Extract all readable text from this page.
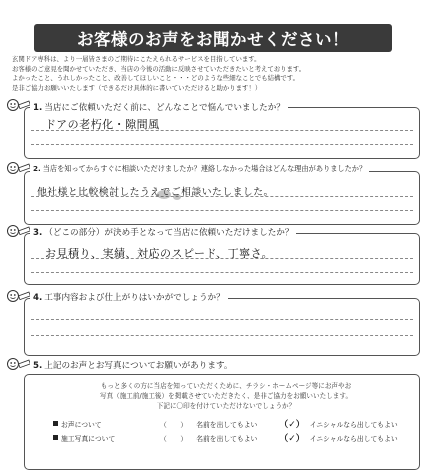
お客様のお声をお聞かせください！
玄関ドア専科は、より一層皆さまのご期待にこたえられるサービスを目指しています。
お客様のご意見を聞かせていただき、当店の今後の活動に反映させていただきたいと考えております。
よかったこと、うれしかったこと、改善してほしいこと・・・どのような些細なことでも結構です。
是非ご協力お願いいたします（できるだけ具体的に書いていただけると助かります！）
ドアの老朽化・隙間風
1. 当店にご依頼いただく前に、どんなことで悩んでいましたか？
他社様と比較検討したうえでご相談いたしました。
2. 当店を知ってからすぐに相談いただけましたか？連絡しなかった場合はどんな理由がありましたか？
お見積り、実績、対応のスピード、丁寧さ。
3. （どこの部分）が決め手となって当店に依頼いただけましたか？
4. 工事内容および仕上がりはいかがでしょうか？
もっと多くの方に当店を知っていただくために、チラシ・ホームページ等にお声やお
写真（施工前/施工後）を掲載させていただきたく、是非ご協力をお願いいたします。
下記に〇印を付けていただけないでしょうか？
お声について	（　　） 名前を出してもよい	（✓） イニシャルなら出してもよい
施工写真について	（　　） 名前を出してもよい	（✓） イニシャルなら出してもよい
5. 上記のお声とお写真についてお願いがあります。
